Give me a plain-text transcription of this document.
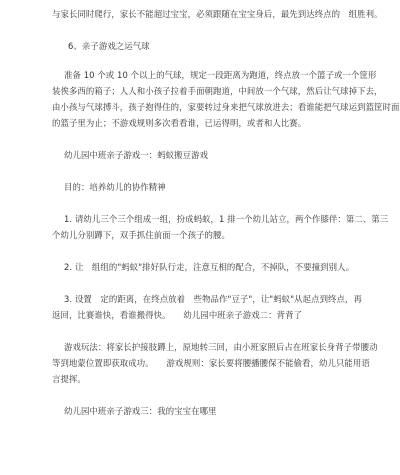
与家长同时爬行，家长不能超过宝宝，必须跟随在宝宝身后，最先到达终点的　组胜利。
6、亲子游戏之运气球
准备 10 个或 10 个以上的气球，规定一段距离为跑道，终点放一个篮子或一个筐形
装俟多西的箱子；人人和小孩子拉着手面朝跑道，中间放一个气球，然后让气球掉下去，
由小孩与气球搏斗，孩子抱得住的，家要转过身来把气球放进去；看谁能把气球运到篮筐时面
的篮子里为止；不游戏规则多次看看谁，已运得明，或者和人比赛。
幼儿园中班亲子游戏一：蚂蚁搬豆游戏
目的：培养幼儿的协作精神
1. 请幼儿三个三个组成一组，扮成蚂蚁，1 排一个幼儿站立，两个作膝伴：第二、第三
个幼儿分别蹲下，双手抓住前面一个孩子的腰。
2. 让　组组的"蚂蚁"排好队行走，注意互相的配合，不掉队，不要撞到别人。
3. 设置　定的距离，在终点放着　些物品作"豆子"，让"蚂蚁"从起点到终点，再
返回，比赛谁快，看谁搬得快。　　幼儿园中班亲子游戏二：背背了
游戏玩法：将家长护接肢蹲上，原地转三回，由小班家照后占在班家长身背子带腰动
等到地蒙位置即获取成功。　　游戏规则：家长要将腰播腰保不能偷看，幼儿只能用语
言提挥。
幼儿园中班亲子游戏三：我的宝宝在哪里
